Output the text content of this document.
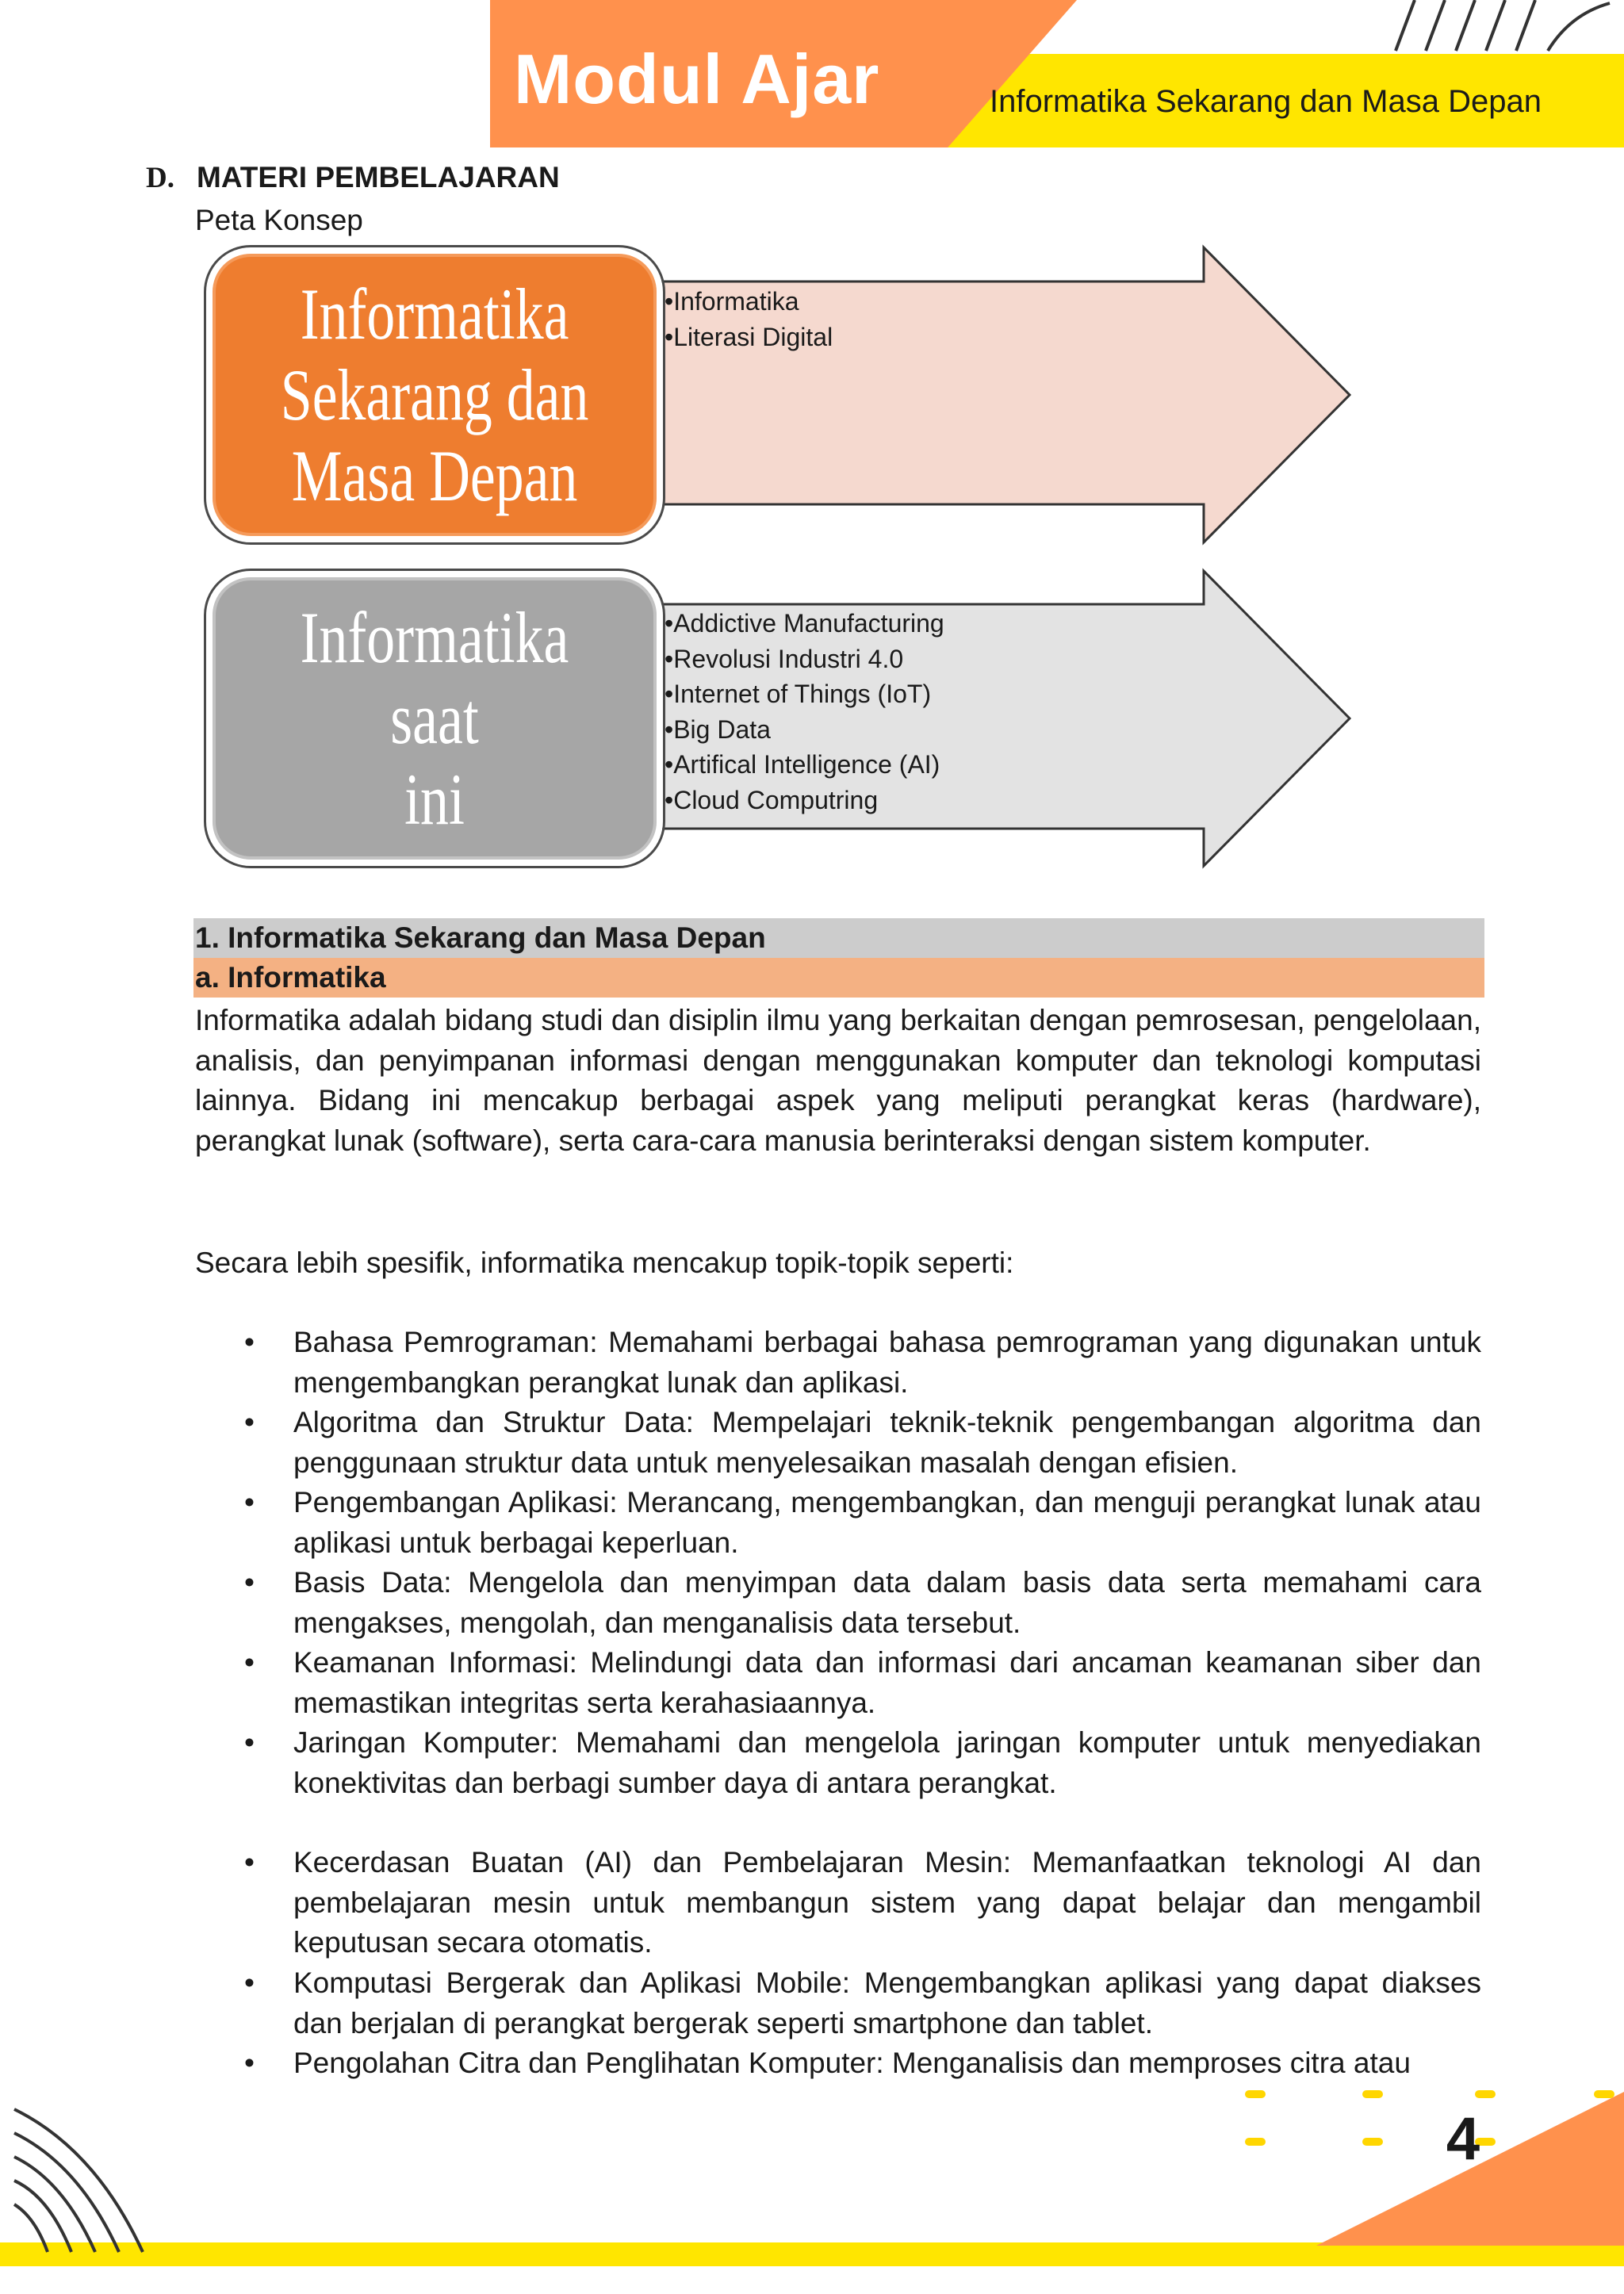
Modul Ajar	Informatika Sekarang dan Masa Depan
D. MATERI PEMBELAJARAN
Peta Konsep
Informatika
Sekarang dan
Masa Depan
Informatika saat
ini
• Informatika
• Literasi Digital
• Addictive Manufacturing
• Revolusi Industri 4.0
• Internet of Things (IoT)
• Big Data
• Artifical Intelligence (AI)
• Cloud Computring
1. Informatika Sekarang dan Masa Depan
a. Informatika
Informatika adalah bidang studi dan disiplin ilmu yang berkaitan dengan pemrosesan, pengelolaan, analisis, dan penyimpanan informasi dengan menggunakan komputer dan teknologi komputasi lainnya. Bidang ini mencakup berbagai aspek yang meliputi perangkat keras (hardware), perangkat lunak (software), serta cara-cara manusia berinteraksi dengan sistem komputer.
Secara lebih spesifik, informatika mencakup topik-topik seperti:
•	Bahasa Pemrograman: Memahami berbagai bahasa pemrograman yang digunakan untuk mengembangkan perangkat lunak dan aplikasi.
•	Algoritma dan Struktur Data: Mempelajari teknik-teknik pengembangan algoritma dan penggunaan struktur data untuk menyelesaikan masalah dengan efisien.
•	Pengembangan Aplikasi: Merancang, mengembangkan, dan menguji perangkat lunak atau aplikasi untuk berbagai keperluan.
•	Basis Data: Mengelola dan menyimpan data dalam basis data serta memahami cara mengakses, mengolah, dan menganalisis data tersebut.
•	Keamanan Informasi: Melindungi data dan informasi dari ancaman keamanan siber dan memastikan integritas serta kerahasiaannya.
•	Jaringan Komputer: Memahami dan mengelola jaringan komputer untuk menyediakan konektivitas dan berbagi sumber daya di antara perangkat.
•	Kecerdasan Buatan (AI) dan Pembelajaran Mesin: Memanfaatkan teknologi AI dan pembelajaran mesin untuk membangun sistem yang dapat belajar dan mengambil keputusan secara otomatis.
•	Komputasi Bergerak dan Aplikasi Mobile: Mengembangkan aplikasi yang dapat diakses dan berjalan di perangkat bergerak seperti smartphone dan tablet.
•	Pengolahan Citra dan Penglihatan Komputer: Menganalisis dan memproses citra atau
4
